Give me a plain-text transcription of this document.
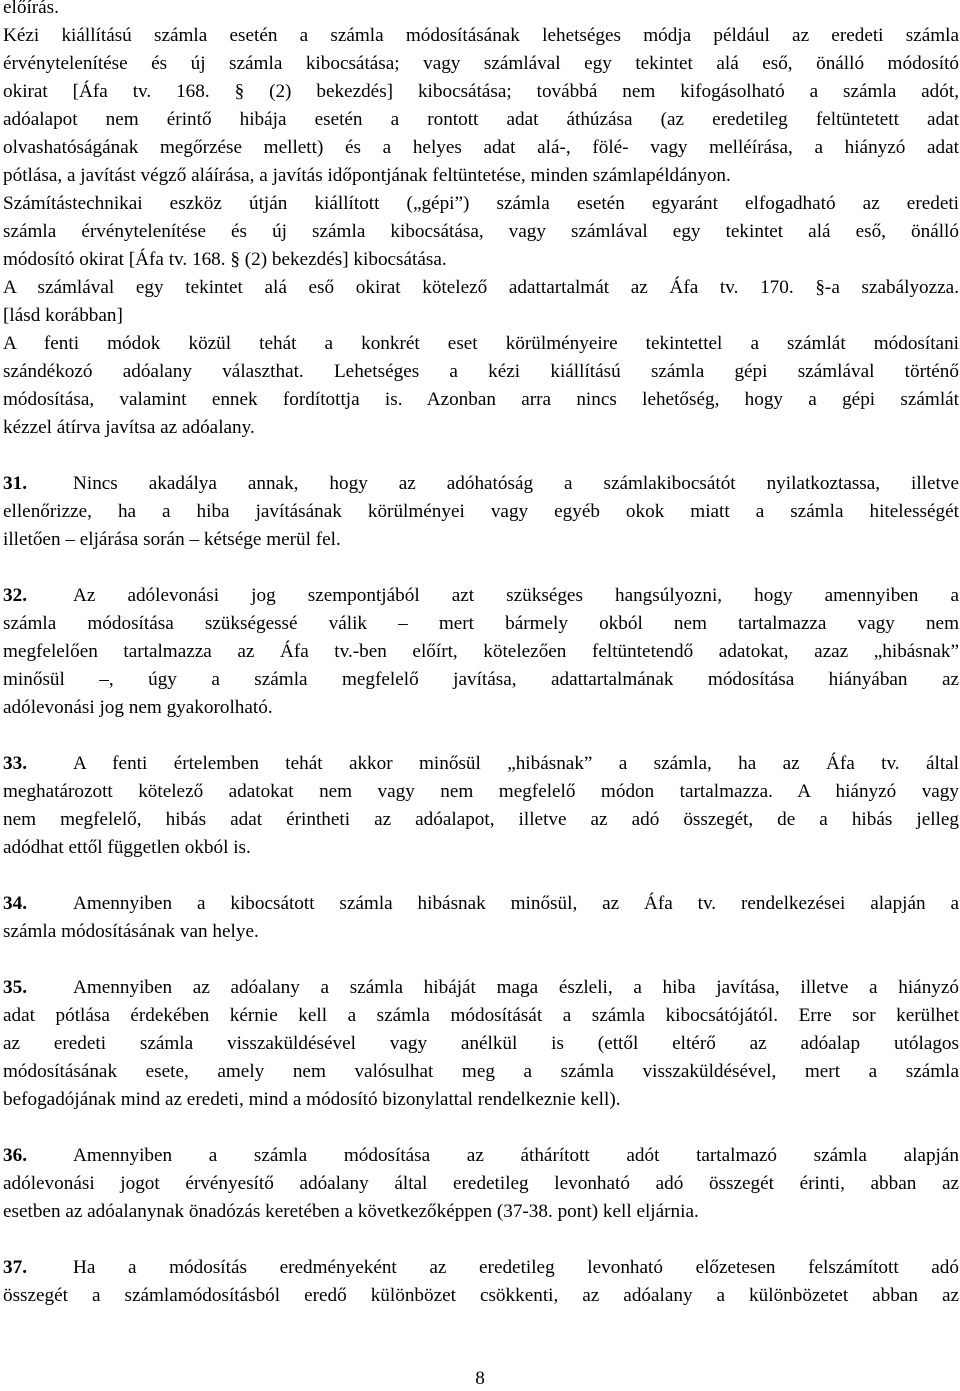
előírás.
Kézi kiállítású számla esetén a számla módosításának lehetséges módja például az eredeti számla
érvénytelenítése és új számla kibocsátása; vagy számlával egy tekintet alá eső, önálló módosító
okirat [Áfa tv. 168. § (2) bekezdés] kibocsátása; továbbá nem kifogásolható a számla adót,
adóalapot nem érintő hibája esetén a rontott adat áthúzása (az eredetileg feltüntetett adat
olvashatóságának megőrzése mellett) és a helyes adat alá-, fölé- vagy melléírása, a hiányzó adat
pótlása, a javítást végző aláírása, a javítás időpontjának feltüntetése, minden számlapéldányon.
Számítástechnikai eszköz útján kiállított („gépi”) számla esetén egyaránt elfogadható az eredeti
számla érvénytelenítése és új számla kibocsátása, vagy számlával egy tekintet alá eső, önálló
módosító okirat [Áfa tv. 168. § (2) bekezdés] kibocsátása.
A számlával egy tekintet alá eső okirat kötelező adattartalmát az Áfa tv. 170. §-a szabályozza.
[lásd korábban]
A fenti módok közül tehát a konkrét eset körülményeire tekintettel a számlát módosítani
szándékozó adóalany választhat. Lehetséges a kézi kiállítású számla gépi számlával történő
módosítása, valamint ennek fordítottja is. Azonban arra nincs lehetőség, hogy a gépi számlát
kézzel átírva javítsa az adóalany.
31.	Nincs akadálya annak, hogy az adóhatóság a számlakibocsátót nyilatkoztassa, illetve
ellenőrizze, ha a hiba javításának körülményei vagy egyéb okok miatt a számla hitelességét
illetően – eljárása során – kétsége merül fel.
32.	Az adólevonási jog szempontjából azt szükséges hangsúlyozni, hogy amennyiben a
számla módosítása szükségessé válik – mert bármely okból nem tartalmazza vagy nem
megfelelően tartalmazza az Áfa tv.-ben előírt, kötelezően feltüntetendő adatokat, azaz „hibásnak”
minősül –, úgy a számla megfelelő javítása, adattartalmának módosítása hiányában az
adólevonási jog nem gyakorolható.
33.	A fenti értelemben tehát akkor minősül „hibásnak” a számla, ha az Áfa tv. által
meghatározott kötelező adatokat nem vagy nem megfelelő módon tartalmazza. A hiányzó vagy
nem megfelelő, hibás adat érintheti az adóalapot, illetve az adó összegét, de a hibás jelleg
adódhat ettől független okból is.
34.	Amennyiben a kibocsátott számla hibásnak minősül, az Áfa tv. rendelkezései alapján a
számla módosításának van helye.
35.	Amennyiben az adóalany a számla hibáját maga észleli, a hiba javítása, illetve a hiányzó
adat pótlása érdekében kérnie kell a számla módosítását a számla kibocsátójától. Erre sor kerülhet
az eredeti számla visszaküldésével vagy anélkül is (ettől eltérő az adóalap utólagos
módosításának esete, amely nem valósulhat meg a számla visszaküldésével, mert a számla
befogadójának mind az eredeti, mind a módosító bizonylattal rendelkeznie kell).
36.	Amennyiben a számla módosítása az áthárított adót tartalmazó számla alapján
adólevonási jogot érvényesítő adóalany által eredetileg levonható adó összegét érinti, abban az
esetben az adóalanynak önadózás keretében a következőképpen (37-38. pont) kell eljárnia.
37.	Ha a módosítás eredményeként az eredetileg levonható előzetesen felszámított adó
összegét a számlamódosításból eredő különbözet csökkenti, az adóalany a különbözetet abban az
8
